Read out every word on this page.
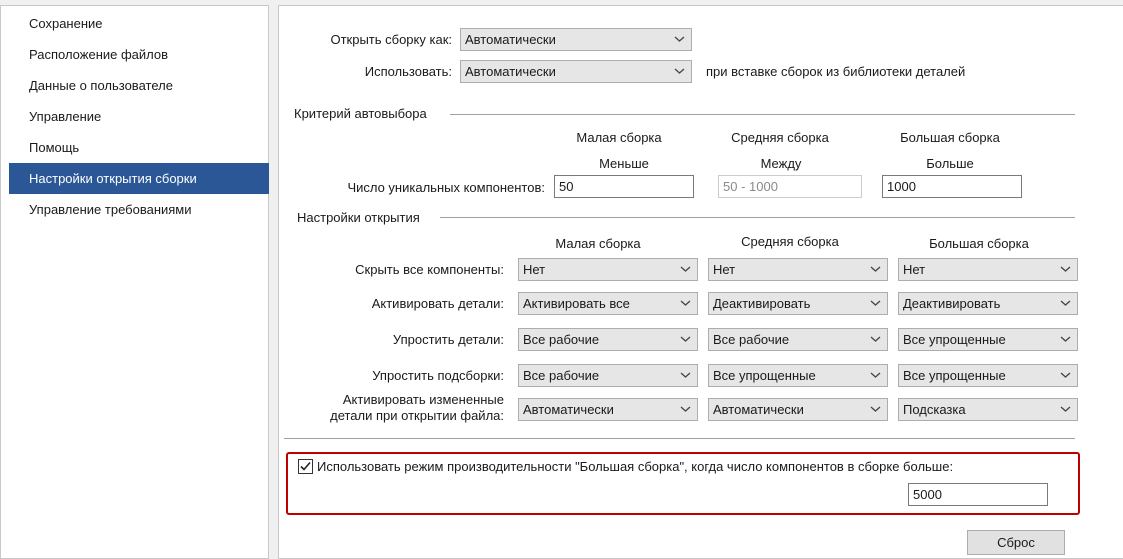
Сохранение
Расположение файлов
Данные о пользователе
Управление
Помощь
Настройки открытия сборки
Управление требованиями
Открыть сборку как:	Автоматически
Использовать:	Автоматически	при вставке сборок из библиотеки деталей
Критерий автовыбора
Малая сборка	Средняя сборка	Большая сборка
Меньше	Между	Больше
Число уникальных компонентов:	50	50 - 1000	1000
Настройки открытия
Малая сборка	Средняя сборка	Большая сборка
Скрыть все компоненты:	Нет	Нет	Нет
Активировать детали:	Активировать все	Деактивировать	Деактивировать
Упростить детали:	Все рабочие	Все рабочие	Все упрощенные
Упростить подсборки:	Все рабочие	Все упрощенные	Все упрощенные
Активировать измененные
детали при открытии файла:	Автоматически	Автоматически	Подсказка
Использовать режим производительности "Большая сборка", когда число компонентов в сборке больше:
5000
Сброс
